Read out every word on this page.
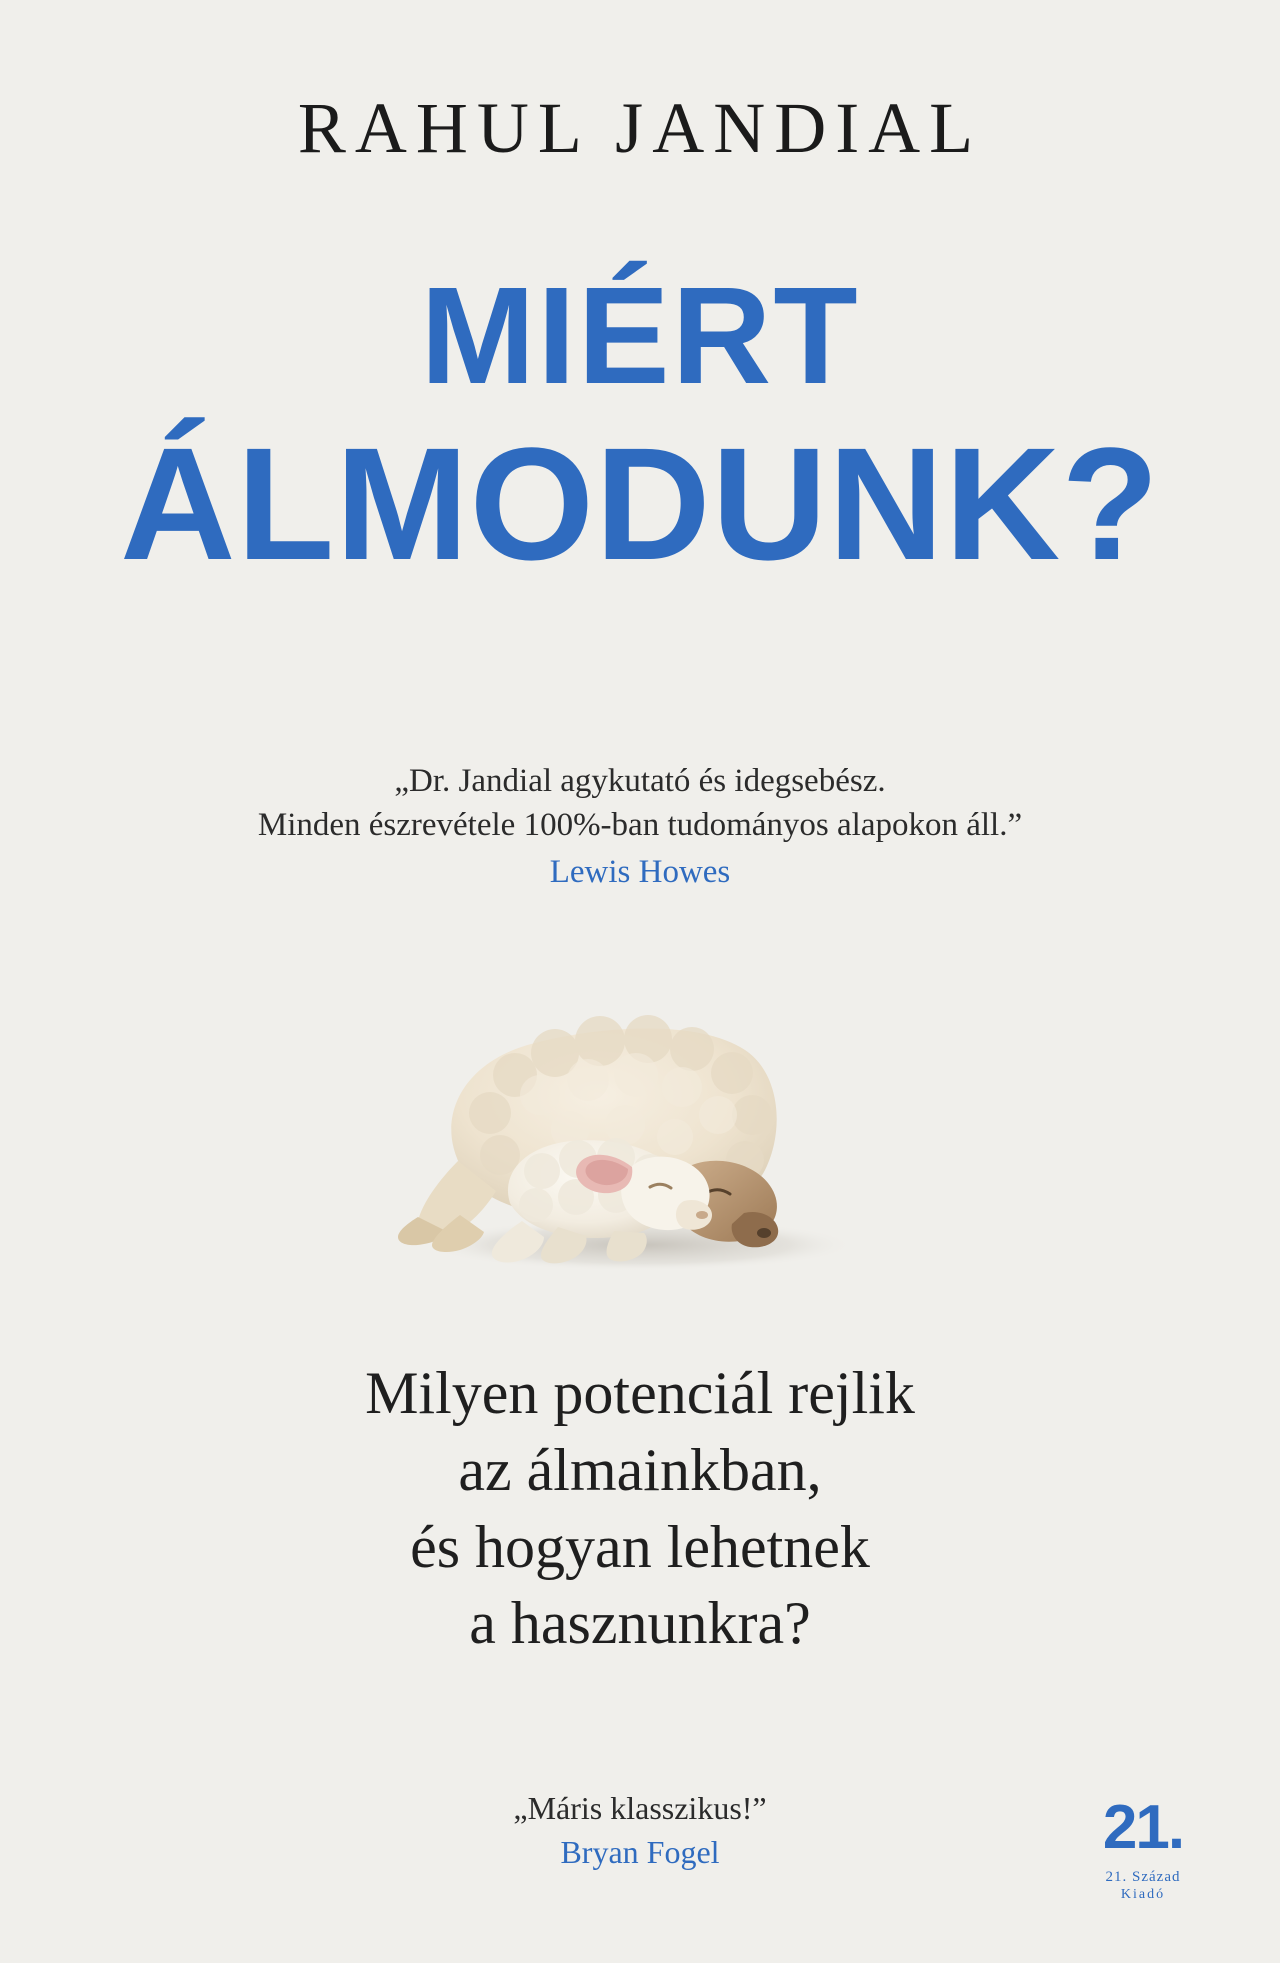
RAHUL JANDIAL
MIÉRT
ÁLMODUNK?
„Dr. Jandial agykutató és idegsebész.
Minden észrevétele 100%-ban tudományos alapokon áll.”
Lewis Howes
Milyen potenciál rejlik
az álmainkban,
és hogyan lehetnek
a hasznunkra?
„Máris klasszikus!”
Bryan Fogel	21.
21. Század
Kiadó
